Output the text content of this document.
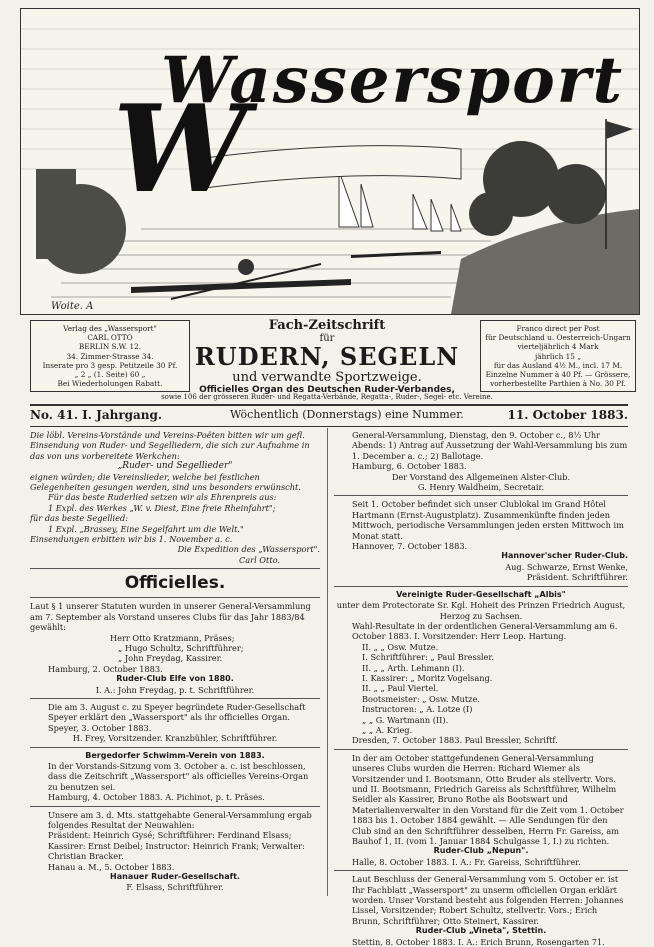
W
Wassersport
Woite. A
Verlag des „Wassersport"
CARL OTTO
BERLIN S.W. 12.
34. Zimmer-Strasse 34.
Inserate pro 3 gesp. Petitzeile 30 Pf.
„ 2 „ (1. Seite) 60 „
Bei Wiederholungen Rabatt.
Franco direct per Post
für Deutschland u. Oesterreich-Ungarn
vierteljährlich 4 Mark
jährlich 15 „
für das Ausland 4½ M., incl. 17 M.
Einzelne Nummer à 40 Pf. — Grössere,
vorherbestellte Parthien à No. 30 Pf.
Fach-Zeitschrift
für
RUDERN, SEGELN
und verwandte Sportzweige.
Officielles Organ des Deutschen Ruder-Verbandes,
sowie 106 der grösseren Ruder- und Regatta-Verbände, Regatta-, Ruder-, Segel- etc. Vereine.
No. 41. I. Jahrgang.	Wöchentlich (Donnerstags) eine Nummer.	11. October 1883.

Die löbl. Vereins-Vorstände und Vereins-Poëten bitten wir um gefl. Einsendung von Ruder- und Segelliedern, die sich zur Aufnahme in das von uns vorbereitete Werkchen:

„Ruder- und Segellieder"

eignen würden; die Vereinslieder, welche bei festlichen Gelegenheiten gesungen werden, sind uns besonders erwünscht.

Für das beste Ruderlied setzen wir als Ehrenpreis aus:

1 Expl. des Werkes „W. v. Diest, Eine freie Rheinfahrt";

für das beste Segellied:

1 Expl. „Brassey, Eine Segelfahrt um die Welt."

Einsendungen erbitten wir bis 1. November a. c.

Die Expedition des „Wassersport".

Carl Otto.

Officielles.

Laut § 1 unserer Statuten wurden in unserer General-Versammlung am 7. September als Vorstand unseres Clubs für das Jahr 1883/84 gewählt:

Herr Otto Kratzmann, Präses;

„ Hugo Schultz, Schriftführer;

„ John Freydag, Kassirer.

Hamburg, 2. October 1883.

Ruder-Club Elfe von 1880.

I. A.: John Freydag, p. t. Schriftführer.

Die am 3. August c. zu Speyer begründete Ruder-Gesellschaft Speyer erklärt den „Wassersport" als ihr officielles Organ.

Speyer, 3. October 1883.

H. Frey, Vorsitzender. Kranzbühler, Schriftführer.

Bergedorfer Schwimm-Verein von 1883.

In der Vorstands-Sitzung vom 3. October a. c. ist beschlossen, dass die Zeitschrift „Wassersport" als officielles Vereins-Organ zu benutzen sei.

Hamburg, 4. October 1883. A. Pichinot, p. t. Präses.

Unsere am 3. d. Mts. stattgehabte General-Versammlung ergab folgendes Resultat der Neuwahlen:

Präsident: Heinrich Gysé; Schriftführer: Ferdinand Elsass; Kassirer: Ernst Deibel; Instructor: Heinrich Frank; Verwalter: Christian Bracker.

Hanau a. M., 5. October 1883.

Hanauer Ruder-Gesellschaft.

F. Elsass, Schriftführer.

General-Versammlung, Dienstag, den 9. October c., 8½ Uhr Abends: 1) Antrag auf Aussetzung der Wahl-Versammlung bis zum 1. December a. c.; 2) Ballotage.

Hamburg, 6. October 1883.

Der Vorstand des Allgemeinen Alster-Club.

G. Henry Waldheim, Secretair.

Seit 1. October befindet sich unser Clublokal im Grand Hôtel Hartmann (Ernst-Augustplatz). Zusammenkünfte finden jeden Mittwoch, periodische Versammlungen jeden ersten Mittwoch im Monat statt.

Hannover, 7. October 1883.

Hannover'scher Ruder-Club.

Aug. Schwarze, Ernst Wenke,

Präsident. Schriftführer.

Vereinigte Ruder-Gesellschaft „Albis"

unter dem Protectorate Sr. Kgl. Hoheit des Prinzen Friedrich August, Herzog zu Sachsen.

Wahl-Resultate in der ordentlichen General-Versammlung am 6. October 1883. I. Vorsitzender: Herr Leop. Hartung.

II. „ „ Osw. Mutze.

I. Schriftführer: „ Paul Bressler.

II. „ „ Arth. Lehmann (I).

I. Kassirer: „ Moritz Vogelsang.

II. „ „ Paul Viertel.

Bootsmeister: „ Osw. Mutze.

Instructoren: „ A. Lotze (I)

„ „ G. Wartmann (II).

„ „ A. Krieg.

Dresden, 7. October 1883. Paul Bressler, Schriftf.

In der am October stattgefundenen General-Versammlung unseres Clubs wurden die Herren: Richard Wiemer als Vorsitzender und I. Bootsmann, Otto Bruder als stellvertr. Vors. und II. Bootsmann, Friedrich Gareiss als Schriftführer, Wilhelm Seidler als Kassirer, Bruno Rothe als Bootswart und Materialienverwalter in den Vorstand für die Zeit vom 1. October 1883 bis 1. October 1884 gewählt. — Alle Sendungen für den Club sind an den Schriftführer desselben, Herrn Fr. Gareiss, am Bauhof 1, II. (vom 1. Januar 1884 Schulgasse 1, I.) zu richten.

Ruder-Club „Nepun".

Halle, 8. October 1883. I. A.: Fr. Gareiss, Schriftführer.

Laut Beschluss der General-Versammlung vom 5. October er. ist Ihr Fachblatt „Wassersport" zu unserm officiellen Organ erklärt worden. Unser Vorstand besteht aus folgenden Herren: Johannes Lissel, Vorsitzender; Robert Schultz, stellvertr. Vors.; Erich Brunn, Schriftführer; Otto Steinert, Kassirer.

Ruder-Club „Vineta", Stettin.

Stettin, 8. October 1883. I. A.: Erich Brunn, Rosengarten 71.
